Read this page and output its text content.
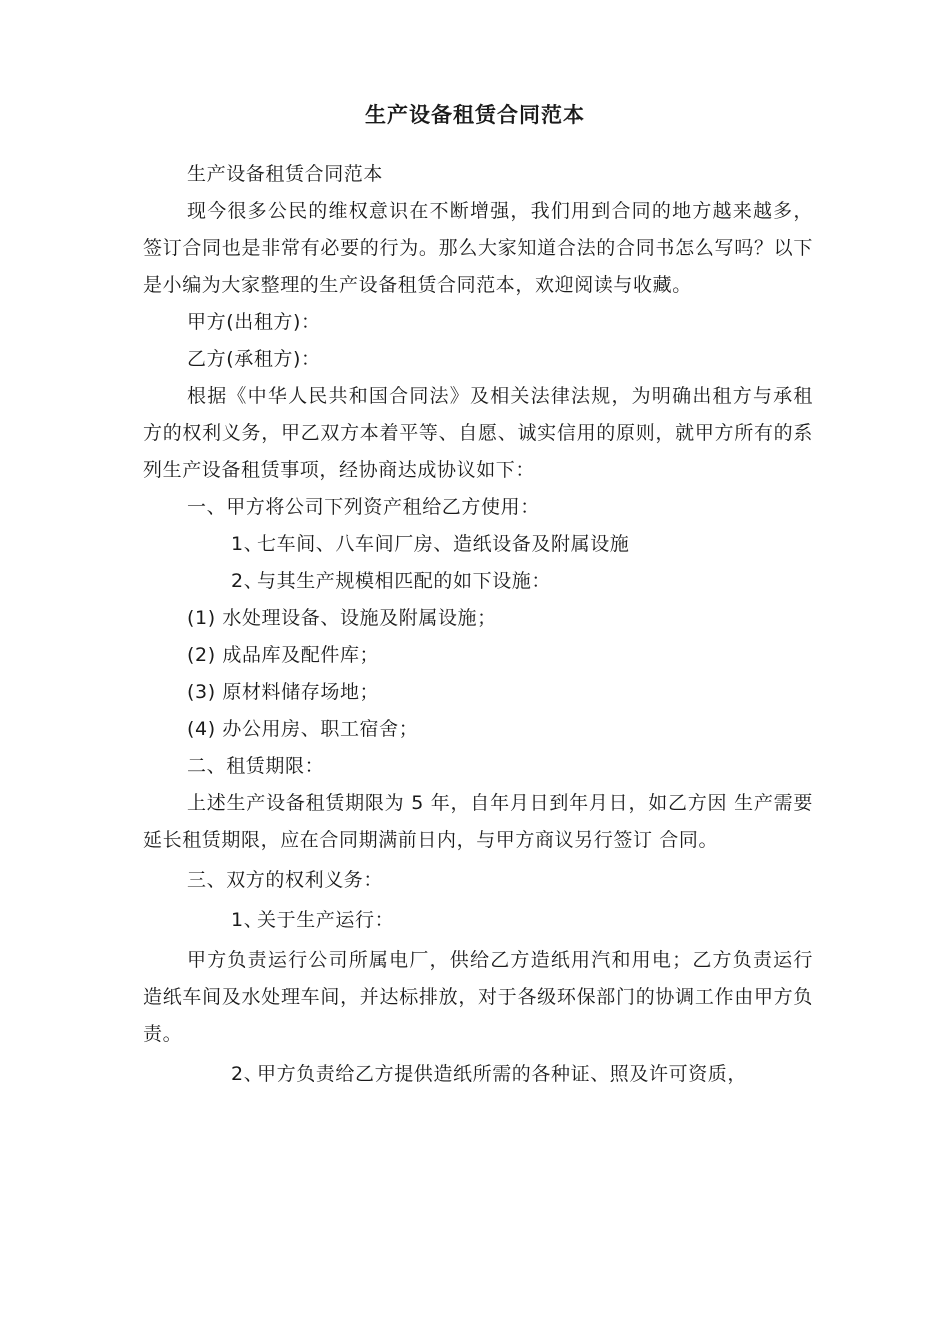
生产设备租赁合同范本

生产设备租赁合同范本

现今很多公民的维权意识在不断增强，我们用到合同的地方越来越多，签订合同也是非常有必要的行为。那么大家知道合法的合同书怎么写吗？以下是小编为大家整理的生产设备租赁合同范本，欢迎阅读与收藏。

甲方(出租方)：

乙方(承租方)：

根据《中华人民共和国合同法》及相关法律法规，为明确出租方与承租方的权利义务，甲乙双方本着平等、自愿、诚实信用的原则，就甲方所有的系列生产设备租赁事项，经协商达成协议如下：

一、甲方将公司下列资产租给乙方使用：

1、七车间、八车间厂房、造纸设备及附属设施

2、与其生产规模相匹配的如下设施：

(1) 水处理设备、设施及附属设施；

(2) 成品库及配件库；

(3) 原材料储存场地；

(4) 办公用房、职工宿舍；

二、租赁期限：

上述生产设备租赁期限为 5 年，自年月日到年月日，如乙方因 生产需要延长租赁期限，应在合同期满前日内，与甲方商议另行签订 合同。

三、双方的权利义务：

1、关于生产运行：

甲方负责运行公司所属电厂，供给乙方造纸用汽和用电；乙方负责运行造纸车间及水处理车间，并达标排放，对于各级环保部门的协调工作由甲方负责。

2、甲方负责给乙方提供造纸所需的各种证、照及许可资质，
